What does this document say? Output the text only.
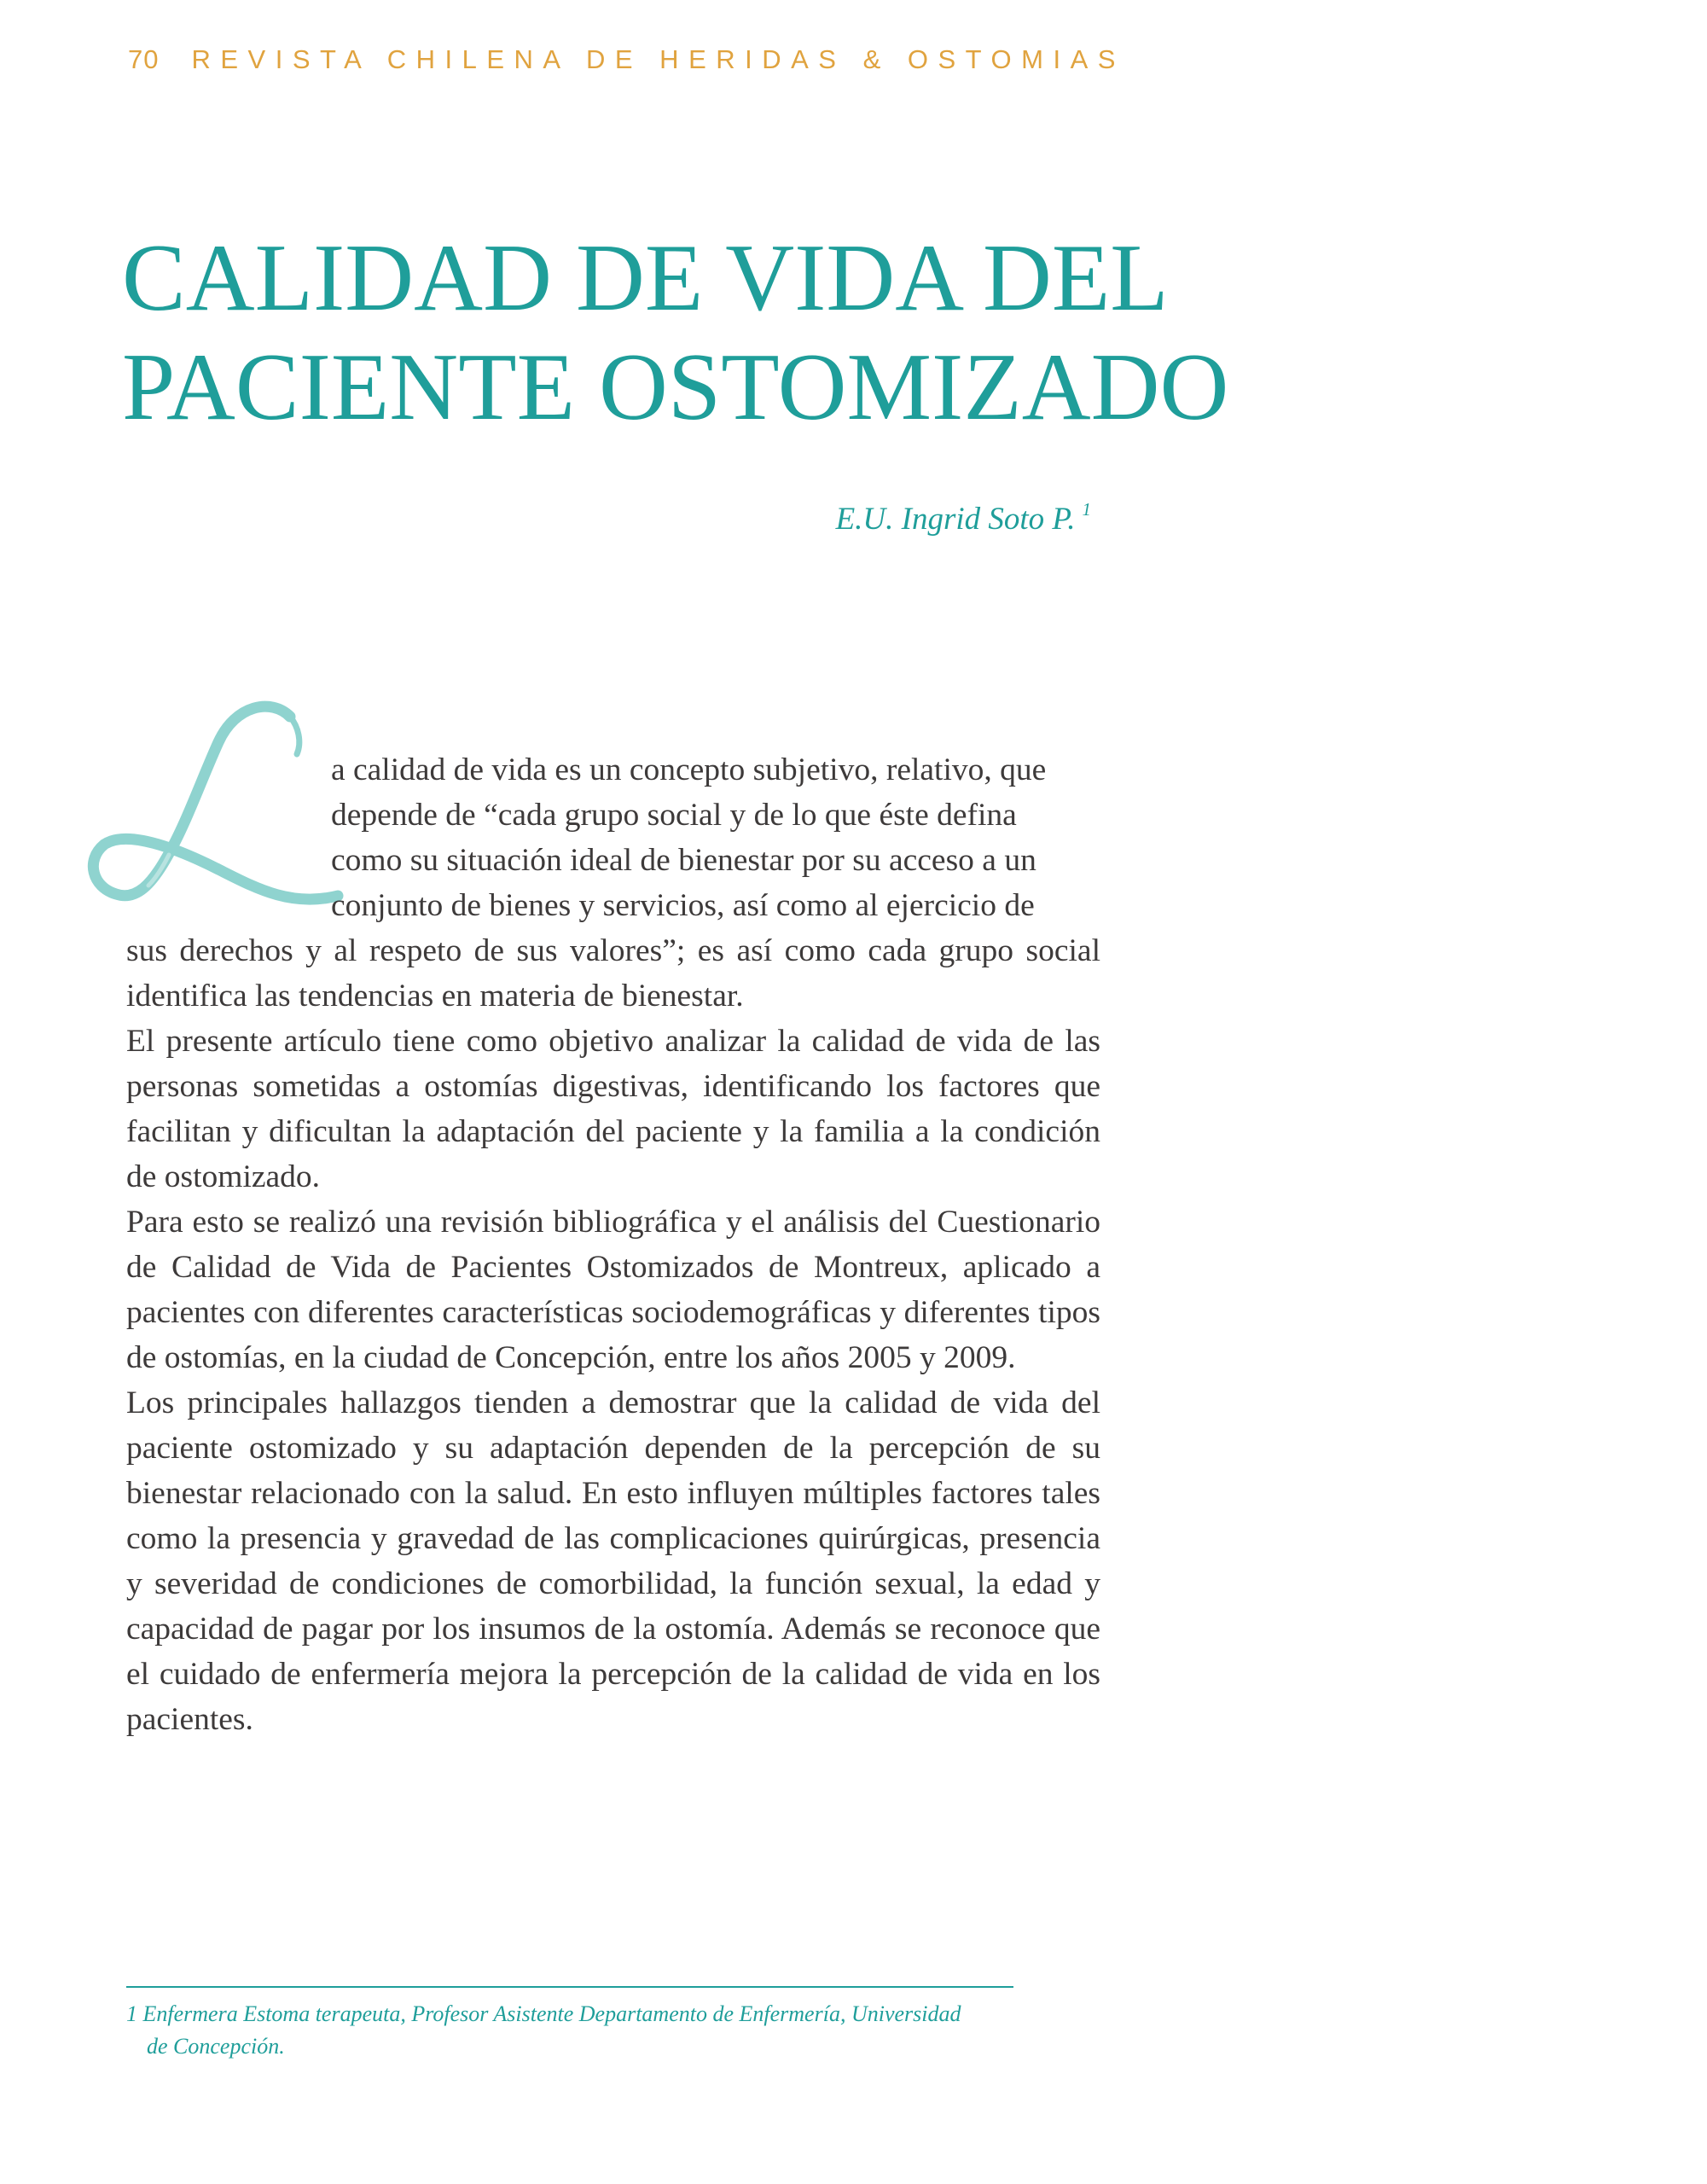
70 REVISTA CHILENA DE HERIDAS & OSTOMIAS
CALIDAD DE VIDA DEL
PACIENTE OSTOMIZADO
E.U. Ingrid Soto P. $^1$

a calidad de vida es un concepto subjetivo, relativo, que
depende de “cada grupo social y de lo que éste defina
como su situación ideal de bienestar por su acceso a un
conjunto de bienes y servicios, así como al ejercicio de
sus derechos y al respeto de sus valores”; es así como cada grupo social identifica las tendencias en materia de bienestar.

El presente artículo tiene como objetivo analizar la calidad de vida de las personas sometidas a ostomías digestivas, identificando los factores que facilitan y dificultan la adaptación del paciente y la familia a la condición de ostomizado.

Para esto se realizó una revisión bibliográfica y el análisis del Cuestionario de Calidad de Vida de Pacientes Ostomizados de Montreux, aplicado a pacientes con diferentes características sociodemográficas y diferentes tipos de ostomías, en la ciudad de Concepción, entre los años 2005 y 2009.

Los principales hallazgos tienden a demostrar que la calidad de vida del paciente ostomizado y su adaptación dependen de la percepción de su bienestar relacionado con la salud. En esto influyen múltiples factores tales como la presencia y gravedad de las complicaciones quirúrgicas, presencia y severidad de condiciones de comorbilidad, la función sexual, la edad y capacidad de pagar por los insumos de la ostomía. Además se reconoce que el cuidado de enfermería mejora la percepción de la calidad de vida en los pacientes.

1 Enfermera Estoma terapeuta, Profesor Asistente Departamento de Enfermería, Universidad
de Concepción.
